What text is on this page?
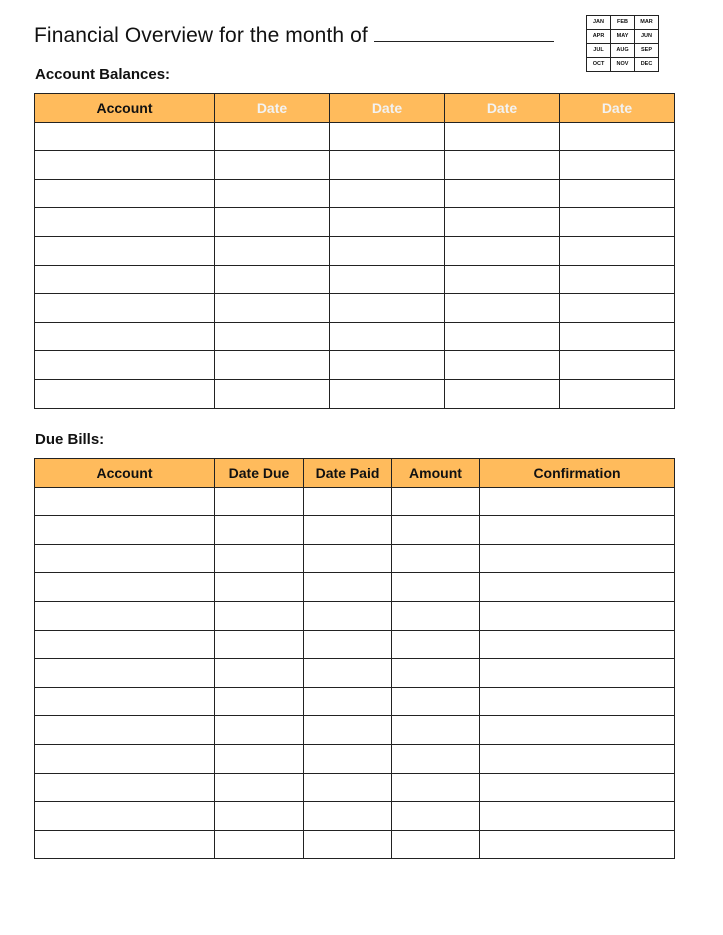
Financial Overview for the month of
JAN	FEB	MAR
APR	MAY	JUN
JUL	AUG	SEP
OCT	NOV	DEC
Account Balances:
Account	Date	Date	Date	Date

Due Bills:
Account	Date Due	Date Paid	Amount	Confirmation
